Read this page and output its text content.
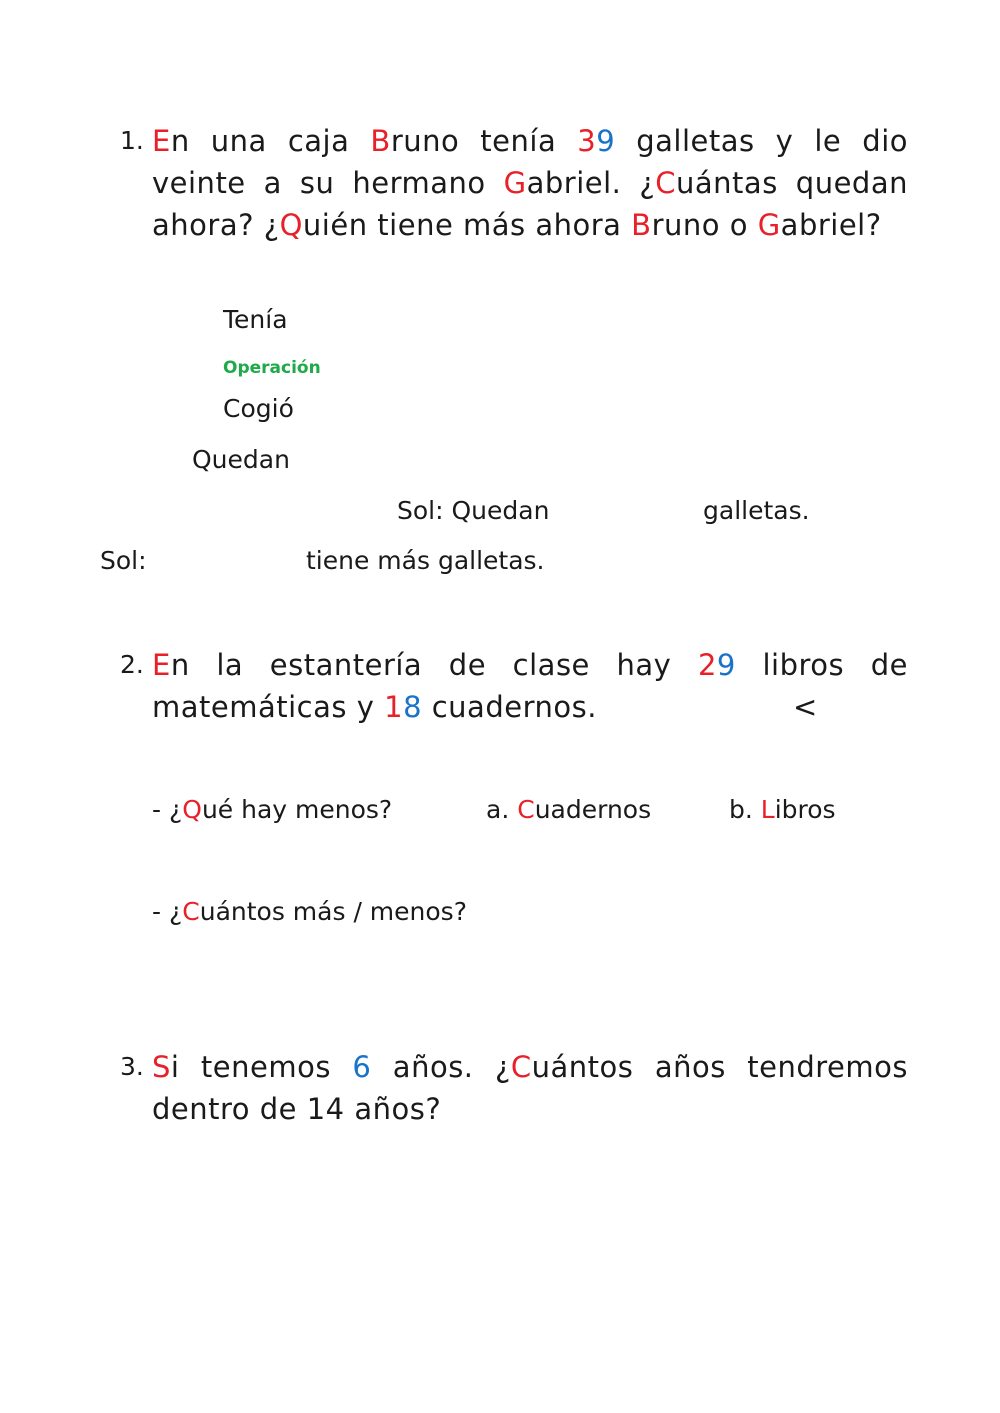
1. En una caja Bruno tenía 39 galletas y le dio veinte a su hermano Gabriel. ¿Cuántas quedan ahora? ¿Quién tiene más ahora Bruno o Gabriel?
Tenía
Operación
Cogió
Quedan
Sol: Quedan	galletas.
Sol:	tiene más galletas.
2. En la estantería de clase hay 29 libros de matemáticas y 18 cuadernos.	<
- ¿Qué hay menos?	a. Cuadernos	b. Libros
- ¿Cuántos más / menos?
3. Si tenemos 6 años. ¿Cuántos años tendremos dentro de 14 años?
